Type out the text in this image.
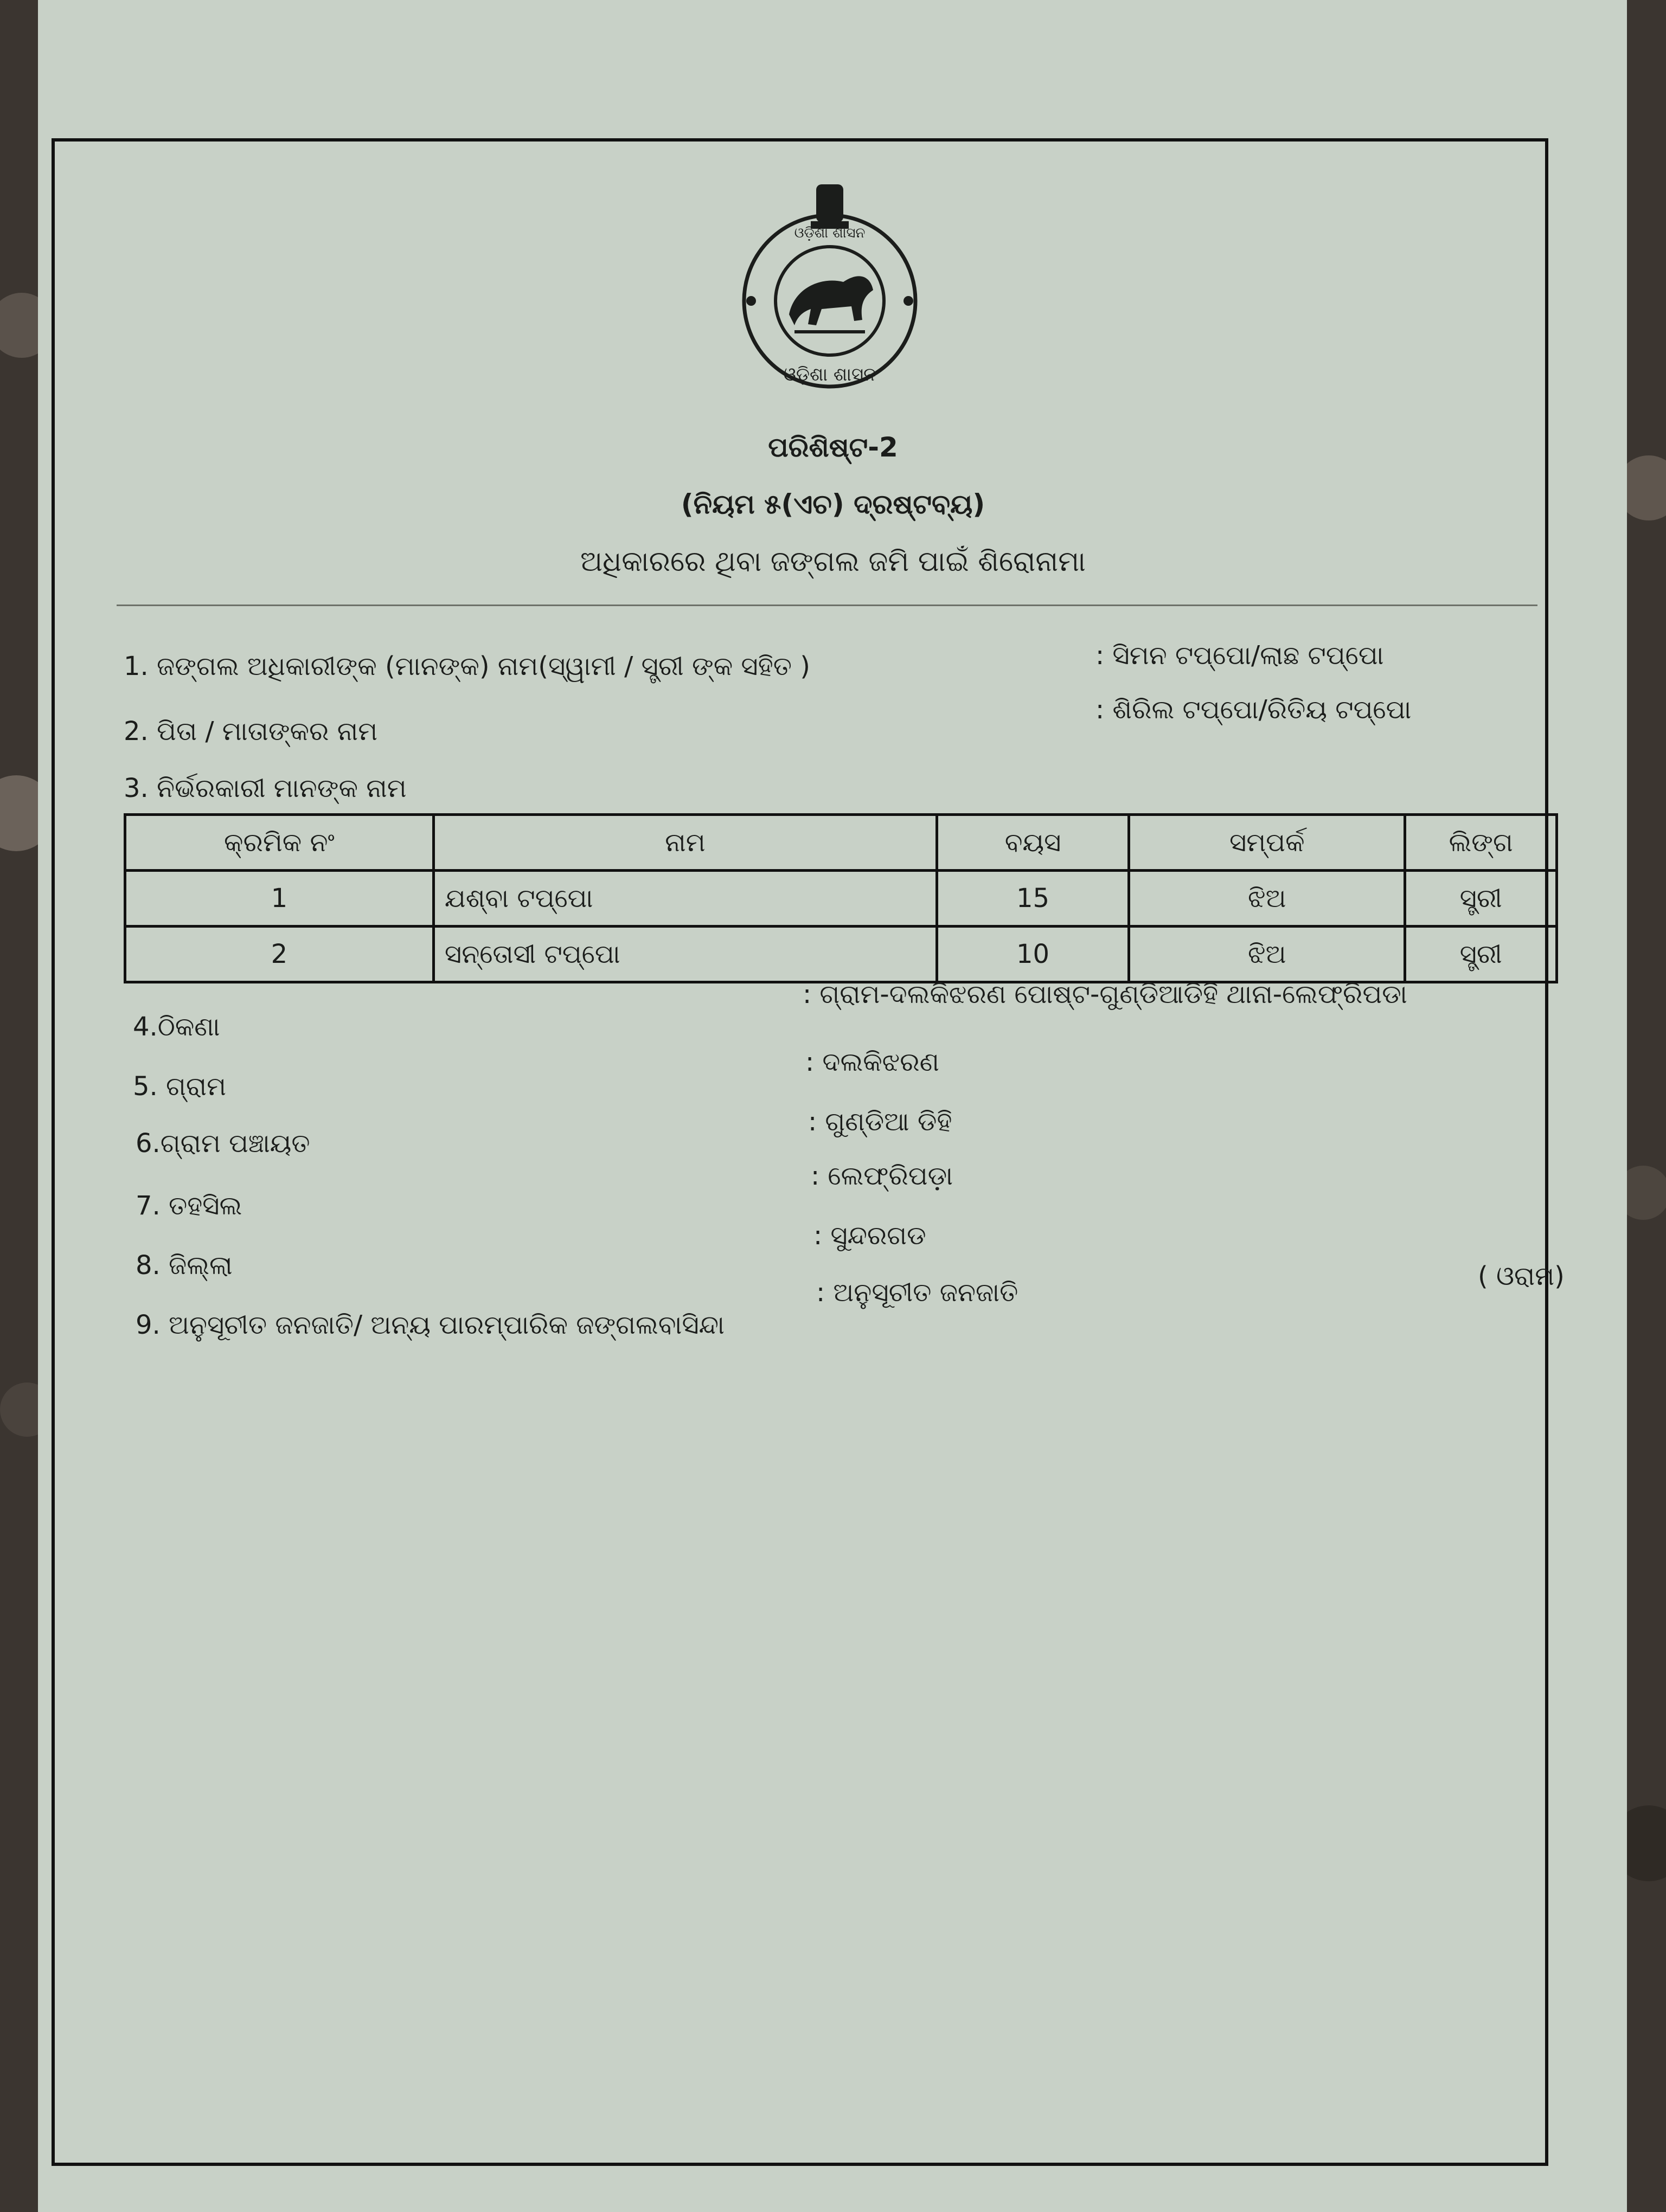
ଓଡ଼ିଶା ଶାସନ
ଓଡ଼ିଶା ଶାସନ
ପରିଶିଷ୍ଟ-2
(ନିୟମ ୫(ଏଚ) ଦ୍ରଷ୍ଟବ୍ୟ)
ଅଧିକାରରେ ଥିବା ଜଙ୍ଗଲ ଜମି ପାଇଁ ଶିରୋନାମା
1. ଜଙ୍ଗଲ ଅଧିକାରୀଙ୍କ (ମାନଙ୍କ) ନାମ(ସ୍ୱାମୀ / ସ୍ତ୍ରୀ ଙ୍କ ସହିତ )	: ସିମନ ଟପ୍ପୋ/ଲାଛ ଟପ୍ପୋ
2. ପିତା / ମାତାଙ୍କର ନାମ
: ଶିରିଲ ଟପ୍ପୋ/ରିତିୟ ଟପ୍ପୋ
3. ନିର୍ଭରକାରୀ ମାନଙ୍କ ନାମ
କ୍ରମିକ ନଂ	ନାମ	ବୟସ	ସମ୍ପର୍କ	ଲିଙ୍ଗ
1	ଯଶ୍ବା ଟପ୍ପୋ	15	ଝିଅ	ସ୍ତ୍ରୀ
2	ସନ୍ତୋସୀ ଟପ୍ପୋ	10	ଝିଅ	ସ୍ତ୍ରୀ
4.ଠିକଣା
: ଗ୍ରାମ-ଦଲକିଝରଣ ପୋଷ୍ଟ-ଗୁଣ୍ଡିଆଡିହି ଥାନା-ଲେଫ୍ରିପଡା
5. ଗ୍ରାମ
: ଦଲକିଝରଣ
6.ଗ୍ରାମ ପଞ୍ଚାୟତ
: ଗୁଣ୍ଡିଆ ଡିହି
7. ତହସିଲ
: ଲେଫ୍ରିପଡ଼ା
8. ଜିଲ୍ଲା
: ସୁନ୍ଦରଗଡ
9. ଅନୁସୂଚୀତ ଜନଜାତି/ ଅନ୍ୟ ପାରମ୍ପାରିକ ଜଙ୍ଗଲବାସିନ୍ଦା
: ଅନୁସୂଚୀତ ଜନଜାତି
( ଓରାମ)
